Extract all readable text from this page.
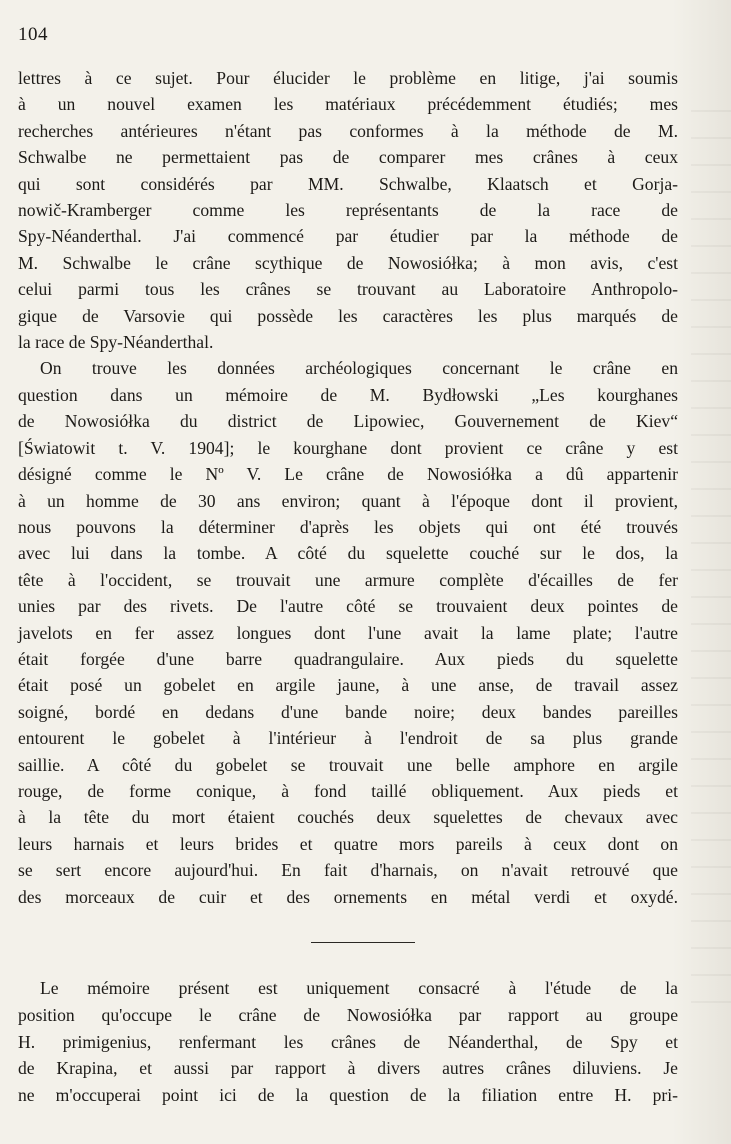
104

lettres à ce sujet. Pour élucider le problème en litige, j'ai soumis
à un nouvel examen les matériaux précédemment étudiés; mes
recherches antérieures n'étant pas conformes à la méthode de M.
Schwalbe ne permettaient pas de comparer mes crânes à ceux
qui sont considérés par MM. Schwalbe, Klaatsch et Gorja-
nowič-Kramberger comme les représentants de la race de
Spy-Néanderthal. J'ai commencé par étudier par la méthode de
M. Schwalbe le crâne scythique de Nowosiółka; à mon avis, c'est
celui parmi tous les crânes se trouvant au Laboratoire Anthropolo-
gique de Varsovie qui possède les caractères les plus marqués de
la race de Spy-Néanderthal.

On trouve les données archéologiques concernant le crâne en
question dans un mémoire de M. Bydłowski „Les kourghanes
de Nowosiółka du district de Lipowiec, Gouvernement de Kiev“
[Światowit t. V. 1904]; le kourghane dont provient ce crâne y est
désigné comme le Nº V. Le crâne de Nowosiółka a dû appartenir
à un homme de 30 ans environ; quant à l'époque dont il provient,
nous pouvons la déterminer d'après les objets qui ont été trouvés
avec lui dans la tombe. A côté du squelette couché sur le dos, la
tête à l'occident, se trouvait une armure complète d'écailles de fer
unies par des rivets. De l'autre côté se trouvaient deux pointes de
javelots en fer assez longues dont l'une avait la lame plate; l'autre
était forgée d'une barre quadrangulaire. Aux pieds du squelette
était posé un gobelet en argile jaune, à une anse, de travail assez
soigné, bordé en dedans d'une bande noire; deux bandes pareilles
entourent le gobelet à l'intérieur à l'endroit de sa plus grande
saillie. A côté du gobelet se trouvait une belle amphore en argile
rouge, de forme conique, à fond taillé obliquement. Aux pieds et
à la tête du mort étaient couchés deux squelettes de chevaux avec
leurs harnais et leurs brides et quatre mors pareils à ceux dont on
se sert encore aujourd'hui. En fait d'harnais, on n'avait retrouvé que
des morceaux de cuir et des ornements en métal verdi et oxydé.

Le mémoire présent est uniquement consacré à l'étude de la
position qu'occupe le crâne de Nowosiółka par rapport au groupe
H. primigenius, renfermant les crânes de Néanderthal, de Spy et
de Krapina, et aussi par rapport à divers autres crânes diluviens. Je
ne m'occuperai point ici de la question de la filiation entre H. pri-
